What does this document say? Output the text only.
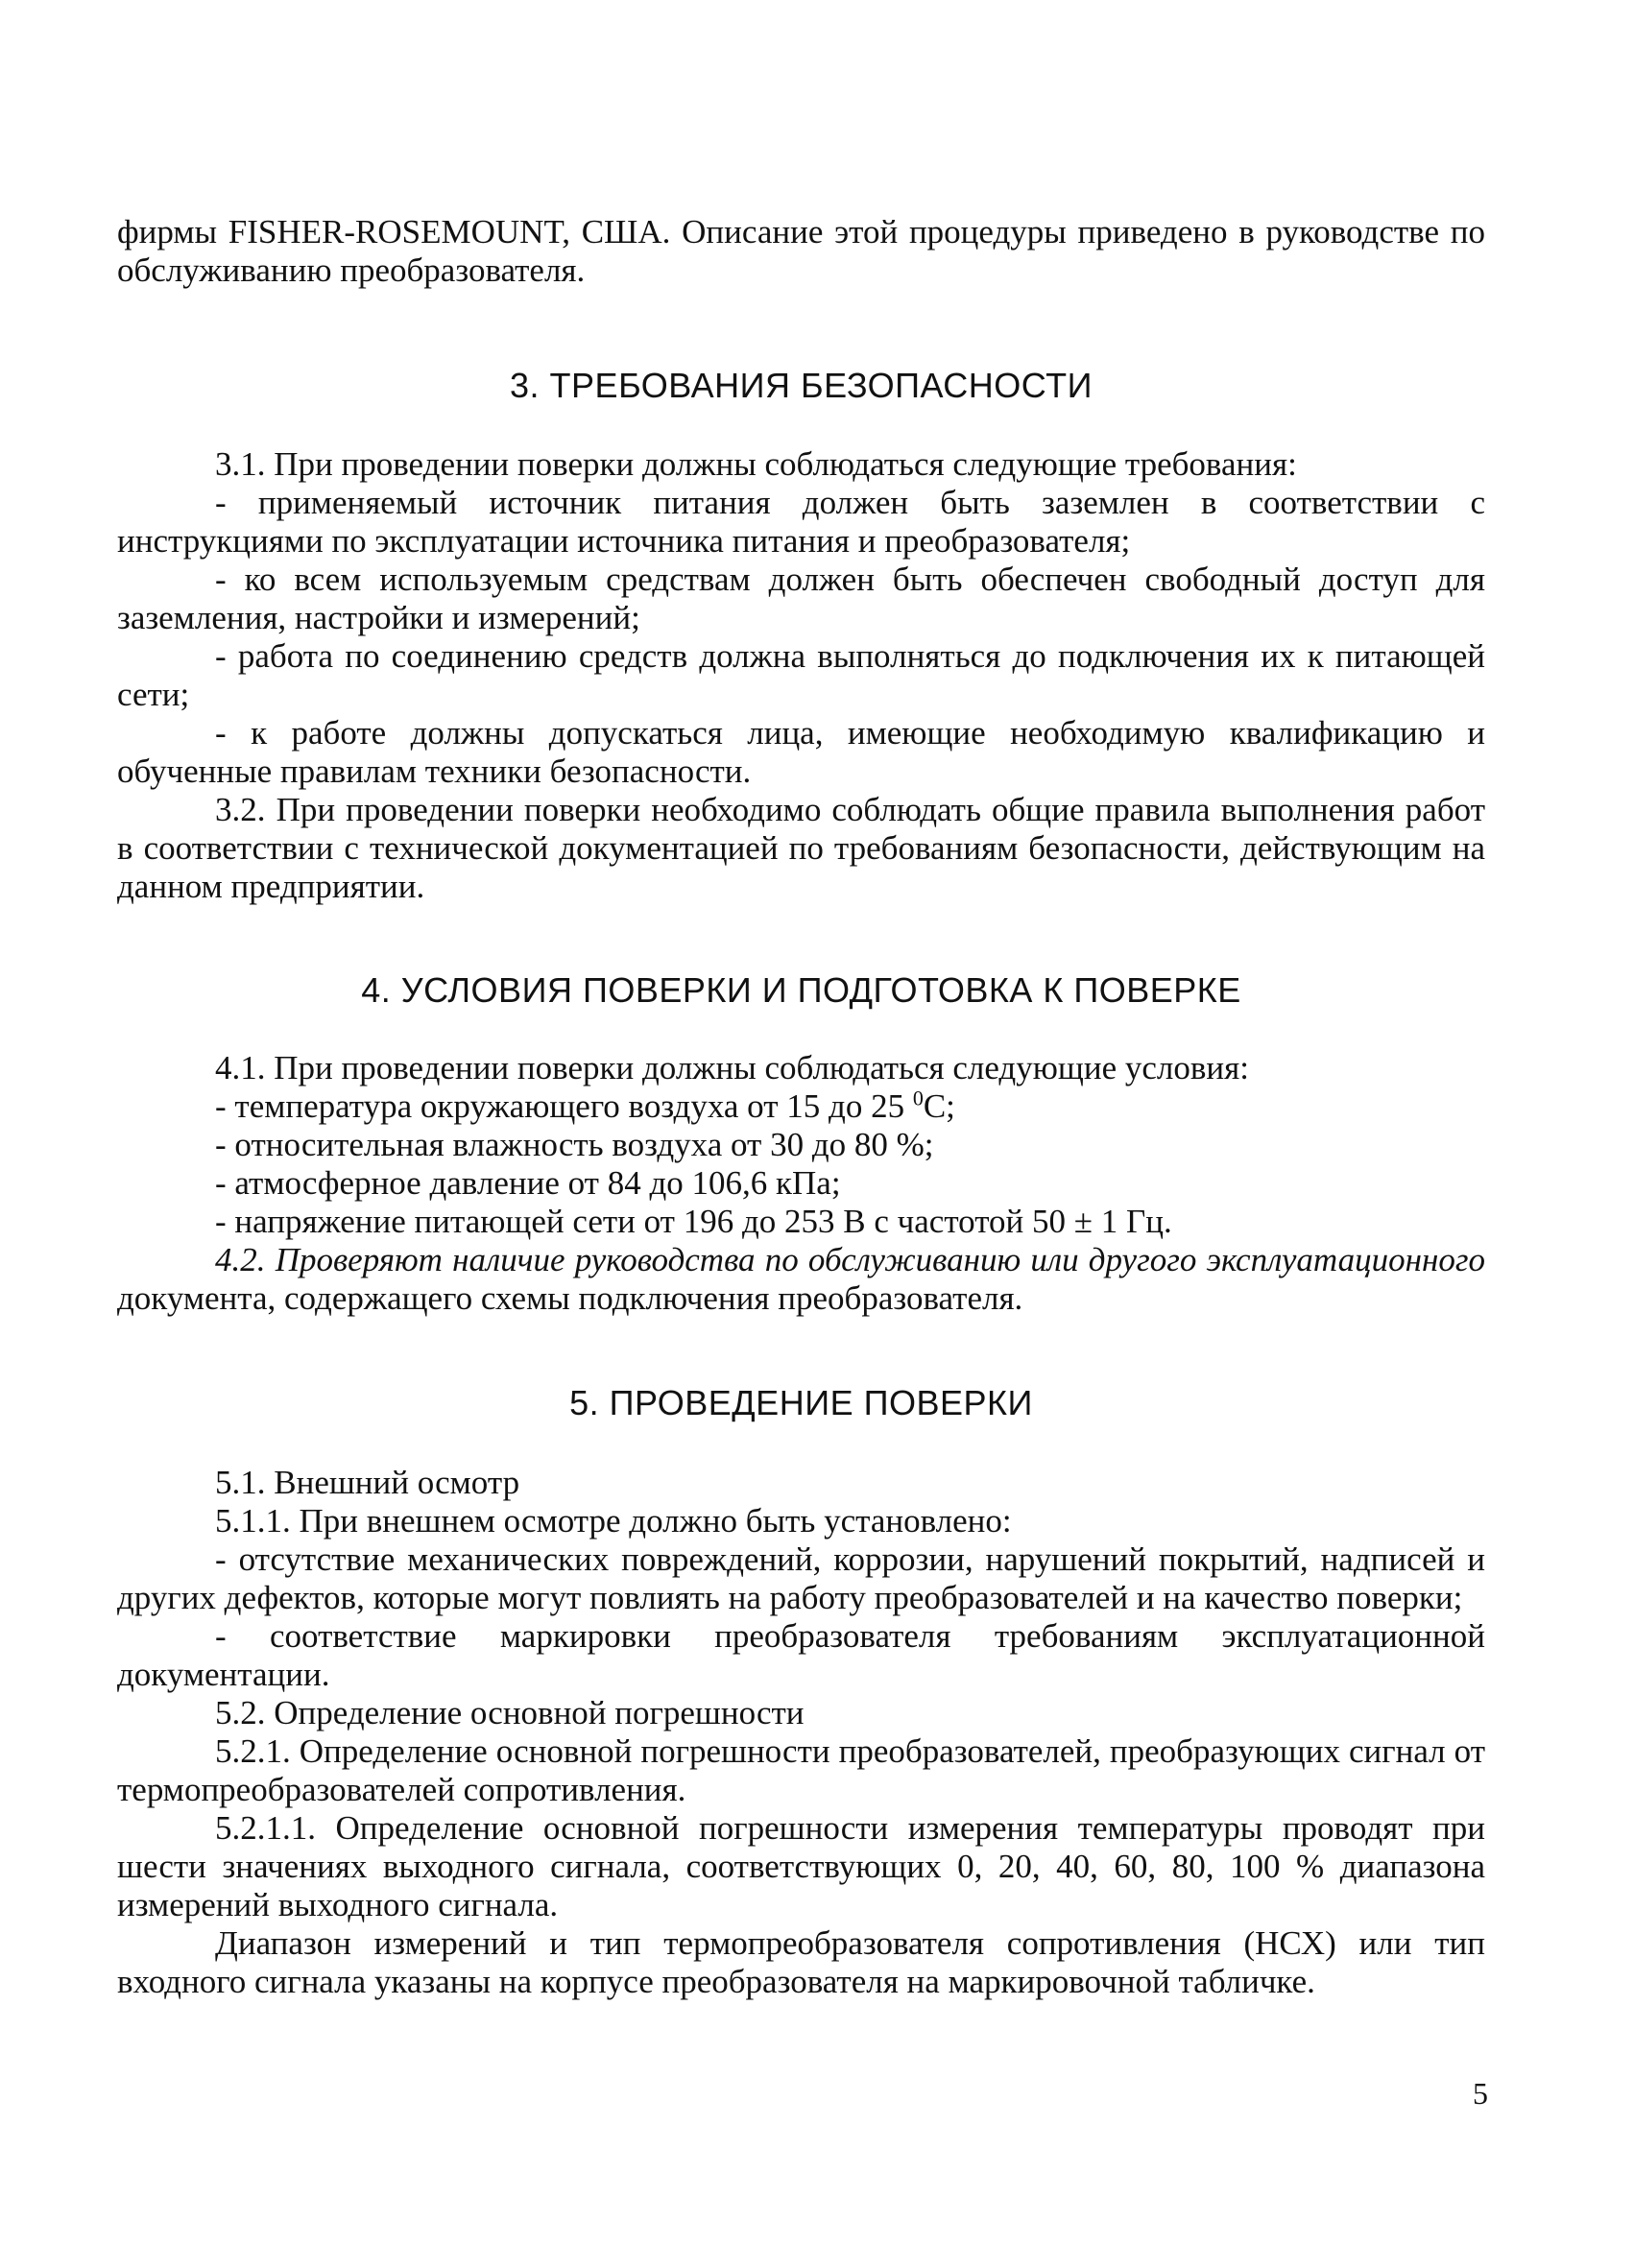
фирмы FISHER-ROSEMOUNT, США. Описание этой процедуры приведено в руководстве по обслуживанию преобразователя.

3. ТРЕБОВАНИЯ БЕЗОПАСНОСТИ

3.1. При проведении поверки должны соблюдаться следующие требования:

- применяемый источник питания должен быть заземлен в соответствии с инструкциями по эксплуатации источника питания и преобразователя;

- ко всем используемым средствам должен быть обеспечен свободный доступ для заземления, настройки и измерений;

- работа по соединению средств должна выполняться до подключения их к питающей сети;

- к работе должны допускаться лица, имеющие необходимую квалификацию и обученные правилам техники безопасности.

3.2. При проведении поверки необходимо соблюдать общие правила выполнения работ в соответствии с технической документацией по требованиям безопасности, действующим на данном предприятии.

4. УСЛОВИЯ ПОВЕРКИ И ПОДГОТОВКА К ПОВЕРКЕ

4.1. При проведении поверки должны соблюдаться следующие условия:

- температура окружающего воздуха от 15 до 25 $^0$С;

- относительная влажность воздуха от 30 до 80 %;

- атмосферное давление от 84 до 106,6 кПа;

- напряжение питающей сети от 196 до 253 В с частотой 50 ± 1 Гц.

4.2. Проверяют наличие руководства по обслуживанию или другого эксплуатационного документа, содержащего схемы подключения преобразователя.

5. ПРОВЕДЕНИЕ ПОВЕРКИ

5.1. Внешний осмотр

5.1.1. При внешнем осмотре должно быть установлено:

- отсутствие механических повреждений, коррозии, нарушений покрытий, надписей и других дефектов, которые могут повлиять на работу преобразователей и на качество поверки;

- соответствие маркировки преобразователя требованиям эксплуатационной документации.

5.2. Определение основной погрешности

5.2.1. Определение основной погрешности преобразователей, преобразующих сигнал от термопреобразователей сопротивления.

5.2.1.1. Определение основной погрешности измерения температуры проводят при шести значениях выходного сигнала, соответствующих 0, 20, 40, 60, 80, 100 % диапазона измерений выходного сигнала.

Диапазон измерений и тип термопреобразователя сопротивления (НСХ) или тип входного сигнала указаны на корпусе преобразователя на маркировочной табличке.

5
